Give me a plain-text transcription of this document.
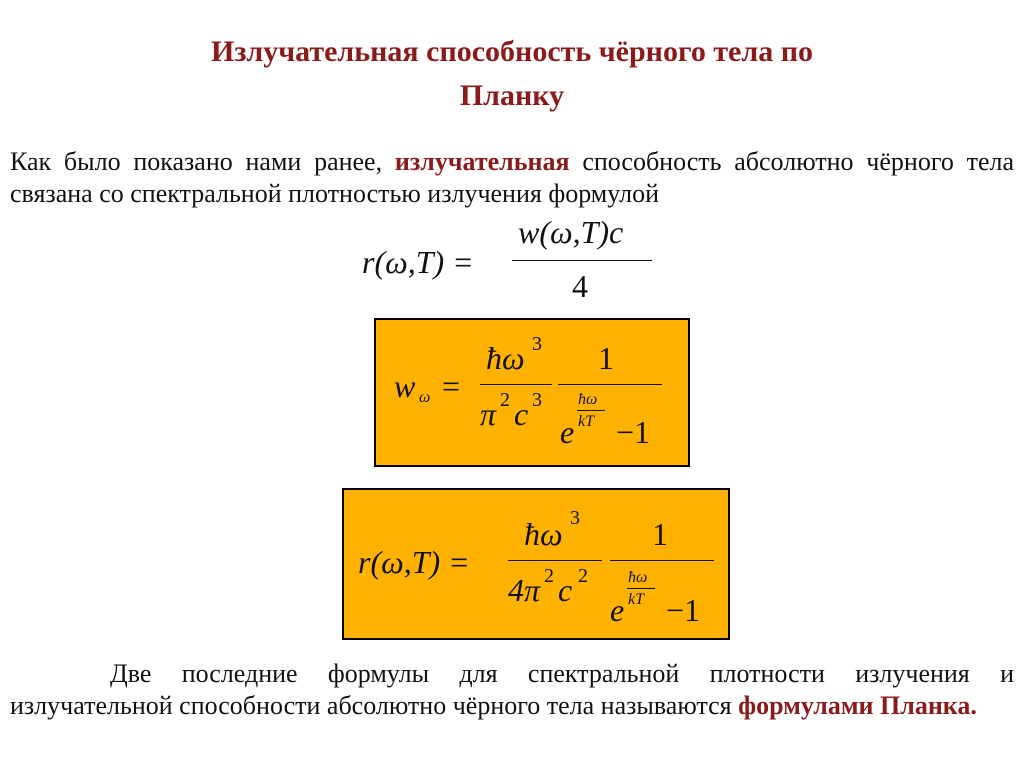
Излучательная способность чёрного тела по
Планку
Как было показано нами ранее, излучательная способность абсолютно чёрного тела связана со спектральной плотностью излучения формулой
r(ω,T) =
w(ω,T)c
4
w ω =
ħω 3
π 2 c 3
1
e
ħω
kT −1
r(ω,T) =
ħω 3
4π 2 c 2
1
e
ħω
kT −1
Две последние формулы для спектральной плотности излучения и излучательной способности абсолютно чёрного тела называются формулами Планка.
